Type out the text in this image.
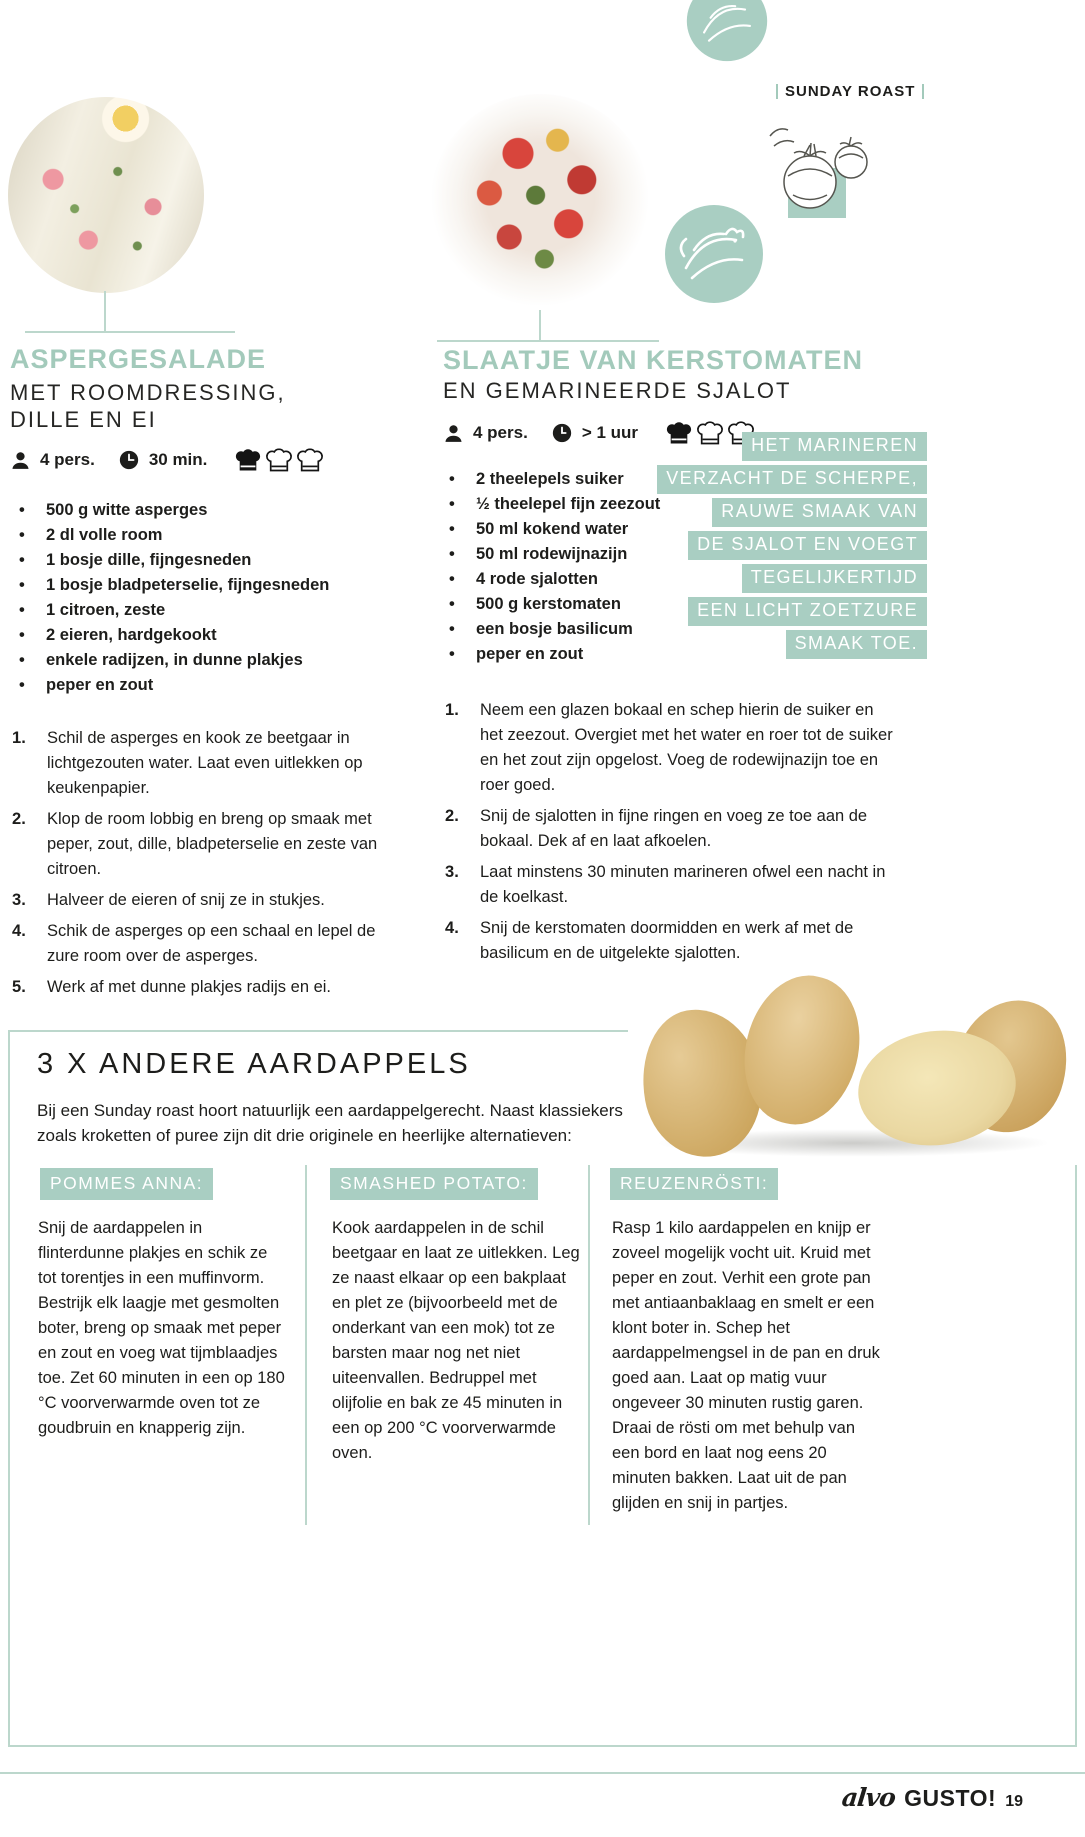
SUNDAY ROAST
ASPERGESALADE
MET ROOMDRESSING,
DILLE EN EI
4 pers.	30 min.
• 500 g witte asperges
• 2 dl volle room
• 1 bosje dille, fijngesneden
• 1 bosje bladpeterselie, fijngesneden
• 1 citroen, zeste
• 2 eieren, hardgekookt
• enkele radijzen, in dunne plakjes
• peper en zout
Schil de asperges en kook ze beetgaar in lichtgezouten water. Laat even uitlekken op keukenpapier.
Klop de room lobbig en breng op smaak met peper, zout, dille, bladpeterselie en zeste van citroen.
Halveer de eieren of snij ze in stukjes.
Schik de asperges op een schaal en lepel de zure room over de asperges.
Werk af met dunne plakjes radijs en ei.
SLAATJE VAN KERSTOMATEN
EN GEMARINEERDE SJALOT
4 pers.	> 1 uur
• 2 theelepels suiker
• ½ theelepel fijn zeezout
• 50 ml kokend water
• 50 ml rodewijnazijn
• 4 rode sjalotten
• 500 g kerstomaten
• een bosje basilicum
• peper en zout
HET MARINEREN
VERZACHT DE SCHERPE,
RAUWE SMAAK VAN
DE SJALOT EN VOEGT
TEGELIJKERTIJD
EEN LICHT ZOETZURE
SMAAK TOE.
Neem een glazen bokaal en schep hierin de suiker en het zeezout. Overgiet met het water en roer tot de suiker en het zout zijn opgelost. Voeg de rodewijnazijn toe en roer goed.
Snij de sjalotten in fijne ringen en voeg ze toe aan de bokaal. Dek af en laat afkoelen.
Laat minstens 30 minuten marineren ofwel een nacht in de koelkast.
Snij de kerstomaten doormidden en werk af met de basilicum en de uitgelekte sjalotten.
3 X ANDERE AARDAPPELS

Bij een Sunday roast hoort natuurlijk een aardappelgerecht. Naast klassiekers zoals kroketten of puree zijn dit drie originele en heerlijke alternatieven:

POMMES ANNA:	SMASHED POTATO:	REUZENRÖSTI:

Snij de aardappelen in flinterdunne plakjes en schik ze tot torentjes in een muffinvorm. Bestrijk elk laagje met gesmolten boter, breng op smaak met peper en zout en voeg wat tijmblaadjes toe. Zet 60 minuten in een op 180 °C voorverwarmde oven tot ze goudbruin en knapperig zijn.

Kook aardappelen in de schil beetgaar en laat ze uitlekken. Leg ze naast elkaar op een bakplaat en plet ze (bijvoorbeeld met de onderkant van een mok) tot ze barsten maar nog net niet uiteenvallen. Bedruppel met olijfolie en bak ze 45 minuten in een op 200 °C voorverwarmde oven.

Rasp 1 kilo aardappelen en knijp er zoveel mogelijk vocht uit. Kruid met peper en zout. Verhit een grote pan met antiaanbaklaag en smelt er een klont boter in. Schep het aardappelmengsel in de pan en druk goed aan. Laat op matig vuur ongeveer 30 minuten rustig garen. Draai de rösti om met behulp van een bord en laat nog eens 20 minuten bakken. Laat uit de pan glijden en snij in partjes.

alvo GUSTO! 19
